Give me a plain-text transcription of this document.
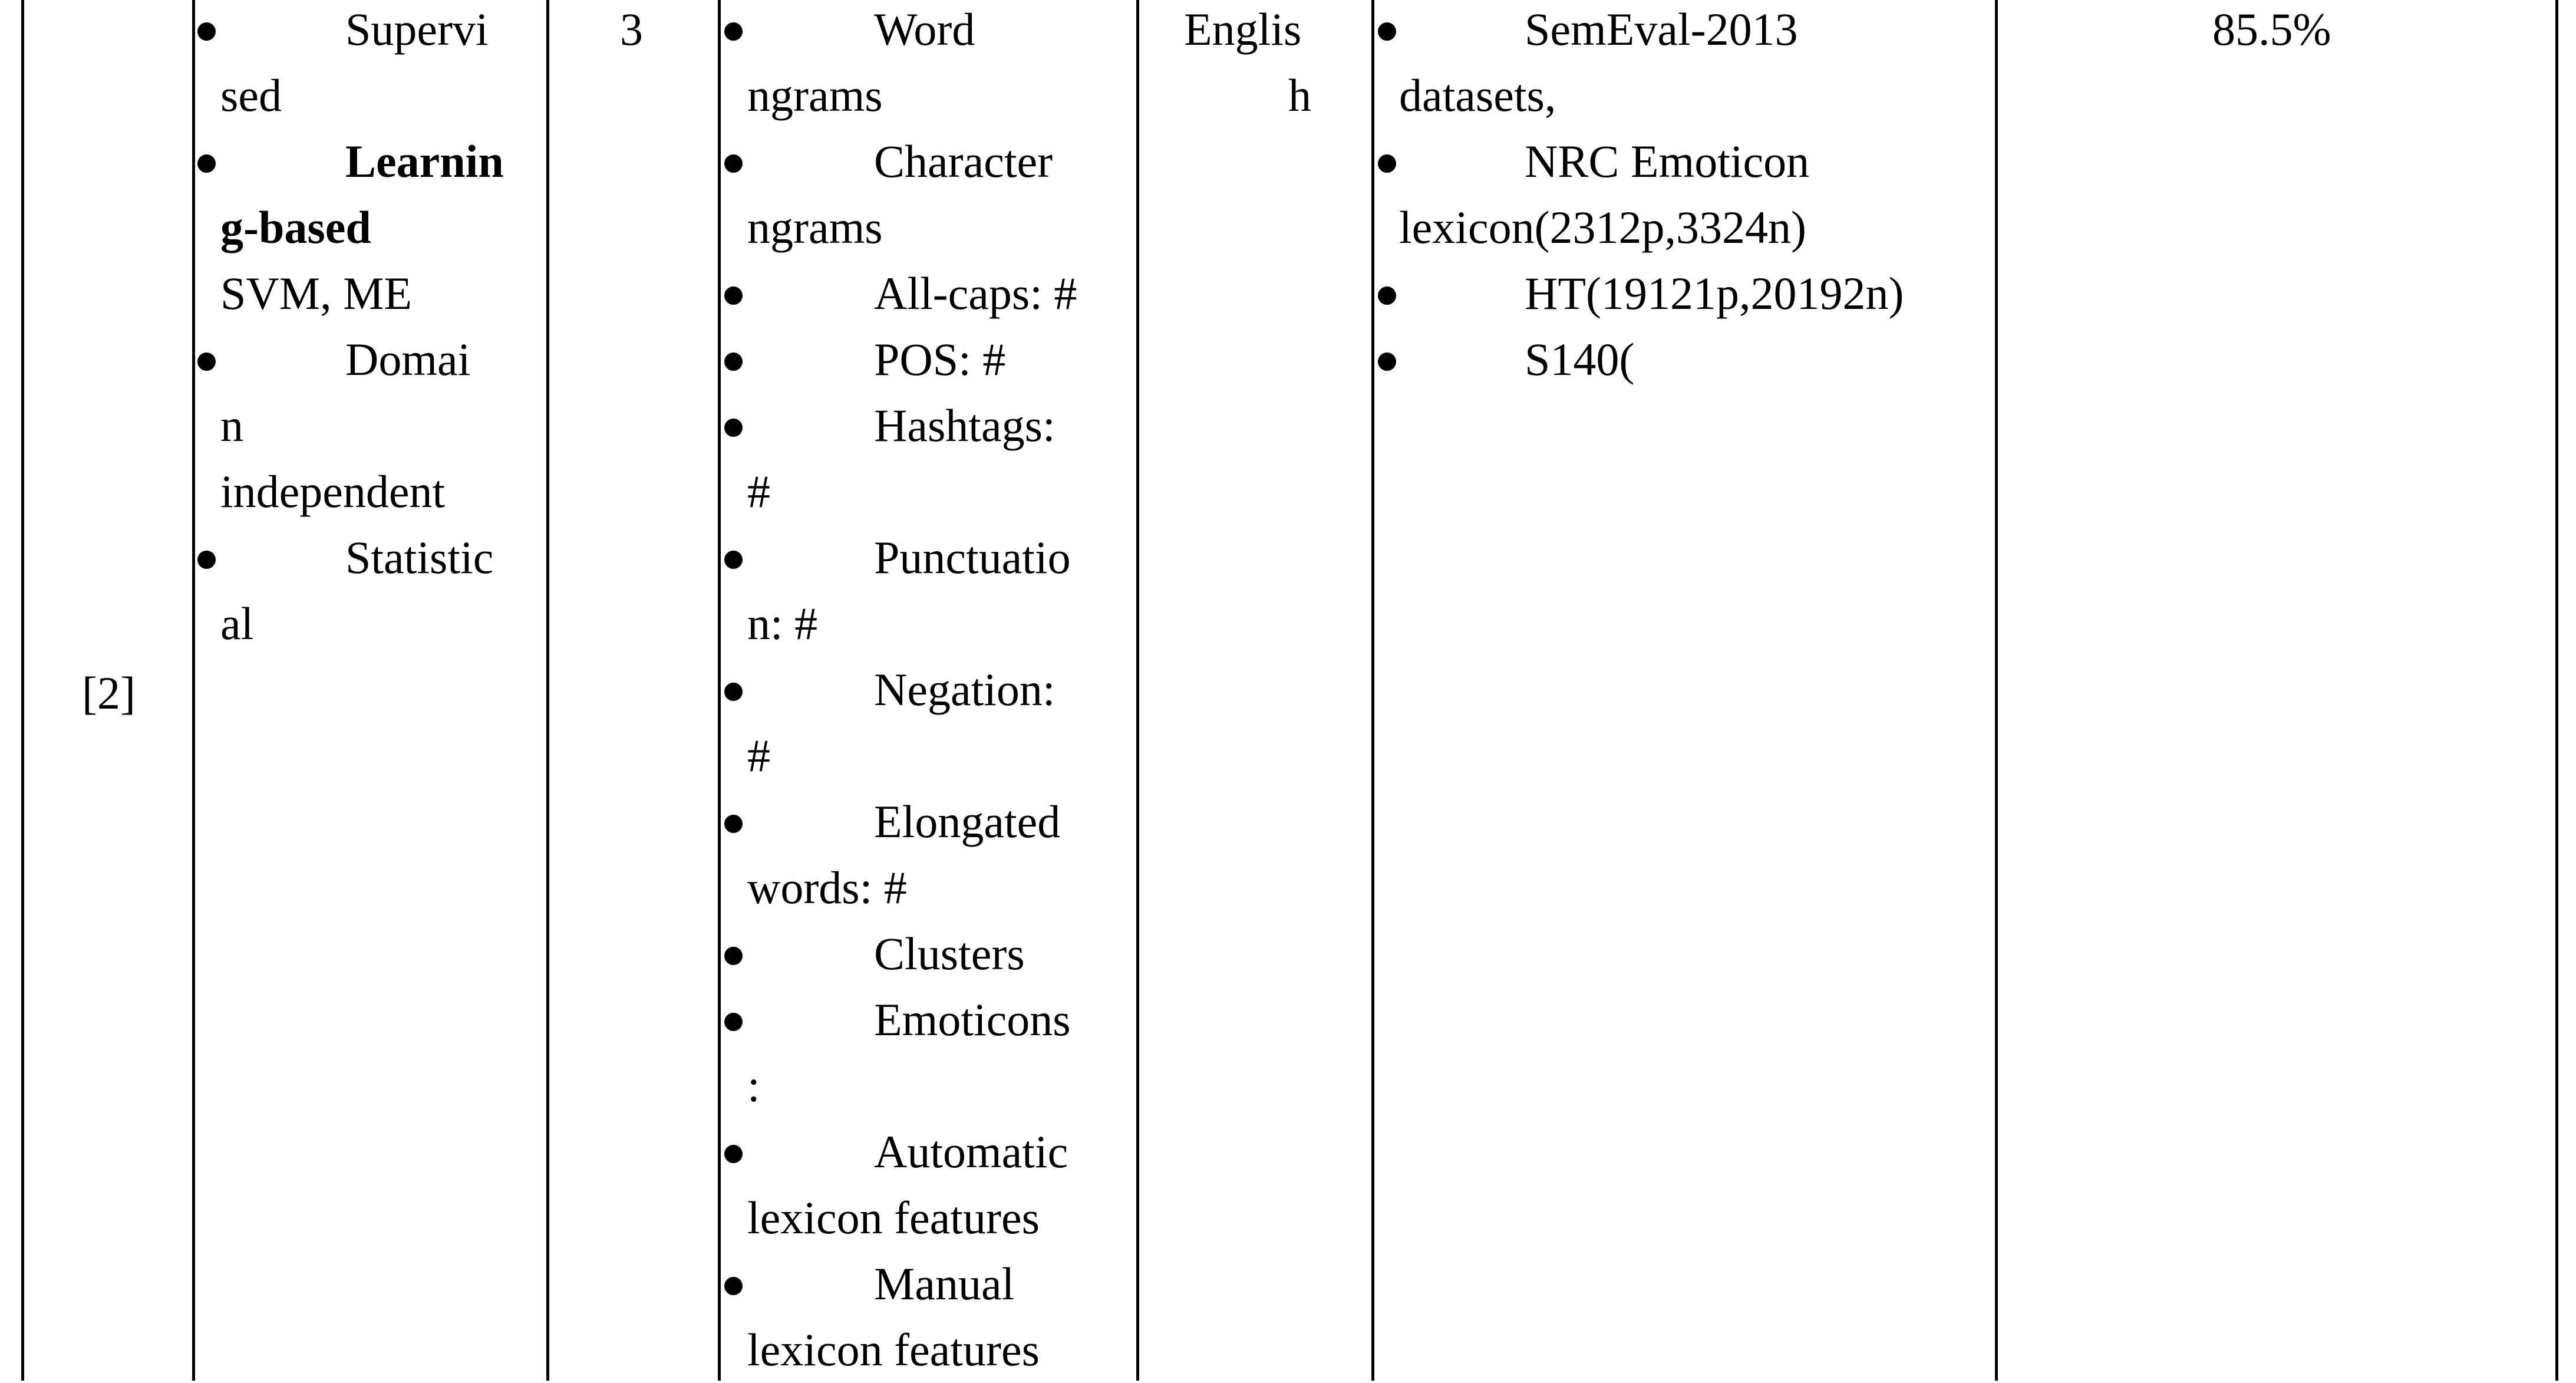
[2]
Supervi
sed
Learnin
g-based
SVM, ME
Domai
n
independent
Statistic
al
3	Word
ngrams
Character
ngrams
All-caps: #
POS: #
Hashtags:
#
Punctuatio
n: #
Negation:
#
Elongated
words: #
Clusters
Emoticons
:
Automatic
lexicon features
Manual
lexicon features
Englis
h
SemEval-2013
datasets,
NRC Emoticon
lexicon(2312p,3324n)
HT(19121p,20192n)
S140(
85.5%
